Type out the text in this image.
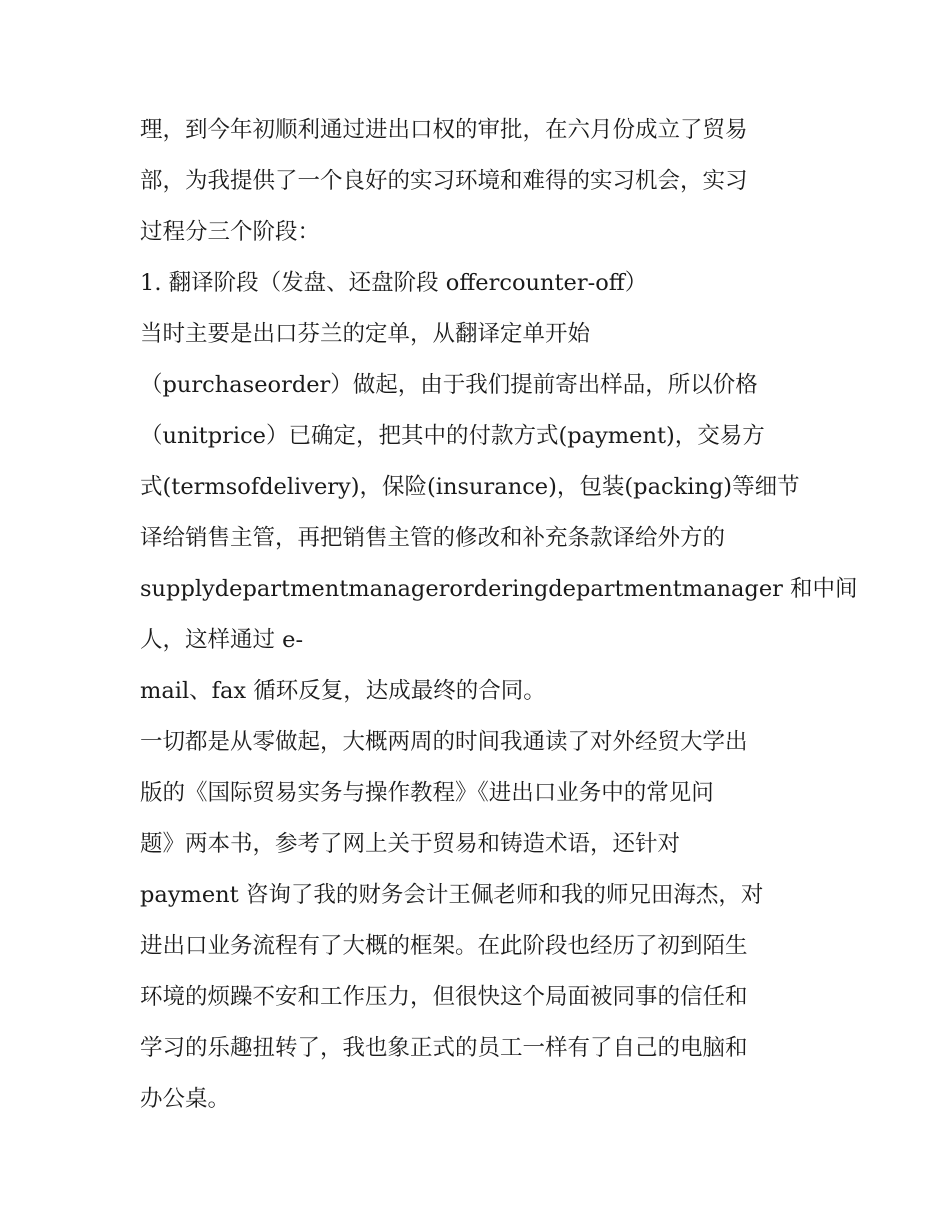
理，到今年初顺利通过进出口权的审批，在六月份成立了贸易
部，为我提供了一个良好的实习环境和难得的实习机会，实习
过程分三个阶段：
1. 翻译阶段（发盘、还盘阶段 offercounter-off）
当时主要是出口芬兰的定单，从翻译定单开始
（purchaseorder）做起，由于我们提前寄出样品，所以价格
（unitprice）已确定，把其中的付款方式(payment)，交易方
式(termsofdelivery)，保险(insurance)，包装(packing)等细节
译给销售主管，再把销售主管的修改和补充条款译给外方的
supplydepartmentmanagerorderingdepartmentmanager 和中间
人，这样通过 e-
mail、fax 循环反复，达成最终的合同。
一切都是从零做起，大概两周的时间我通读了对外经贸大学出
版的《国际贸易实务与操作教程》《进出口业务中的常见问
题》两本书，参考了网上关于贸易和铸造术语，还针对
payment 咨询了我的财务会计王佩老师和我的师兄田海杰，对
进出口业务流程有了大概的框架。在此阶段也经历了初到陌生
环境的烦躁不安和工作压力，但很快这个局面被同事的信任和
学习的乐趣扭转了，我也象正式的员工一样有了自己的电脑和
办公桌。
